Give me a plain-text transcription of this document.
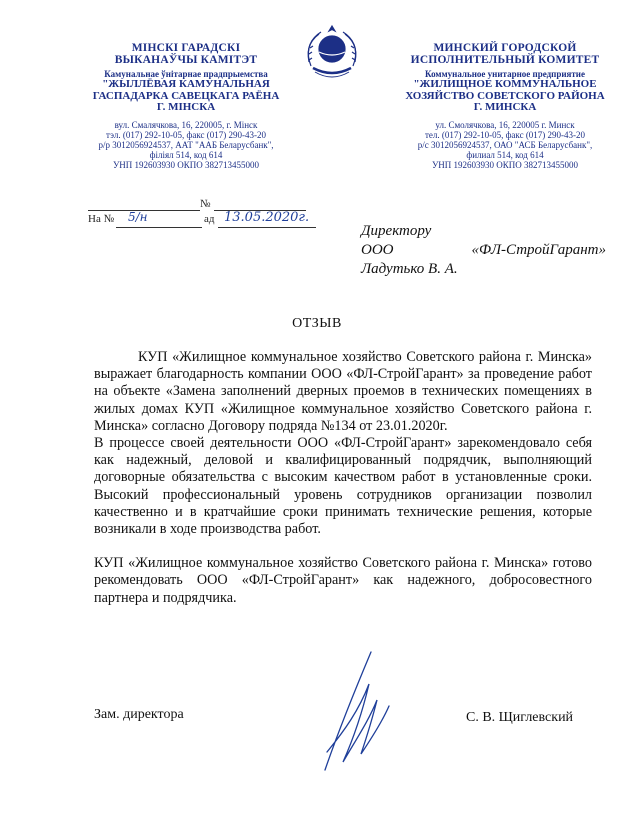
МІНСКІ ГАРАДСКІ
ВЫКАНАЎЧЫ КАМІТЭТ
Камунальнае ўнітарнае прадпрыемства
"ЖЫЛЛЁВАЯ КАМУНАЛЬНАЯ
ГАСПАДАРКА САВЕЦКАГА РАЁНА
Г. МІНСКА
вул. Смалячкова, 16, 220005, г. Мінск
тэл. (017) 292-10-05, факс (017) 290-43-20
р/р 3012056924537, ААТ "ААБ Беларусбанк",
філіял 514, код 614
УНП 192603930 ОКПО 382713455000
МИНСКИЙ ГОРОДСКОЙ
ИСПОЛНИТЕЛЬНЫЙ КОМИТЕТ
Коммунальное унитарное предприятие
"ЖИЛИЩНОЕ КОММУНАЛЬНОЕ
ХОЗЯЙСТВО СОВЕТСКОГО РАЙОНА
Г. МИНСКА
ул. Смолячкова, 16, 220005 г. Минск
тел. (017) 292-10-05, факс (017) 290-43-20
р/с 3012056924537, ОАО "АСБ Беларусбанк",
филиал 514, код 614
УНП 192603930 ОКПО 382713455000
№
На № 5/н	ад 13.05.2020г.
Директору
ООО	«ФЛ-СтройГарант»
Ладутько В. А.
ОТЗЫВ

КУП «Жилищное коммунальное хозяйство Советского района г. Минска» выражает благодарность компании ООО «ФЛ-СтройГарант» за проведение работ на объекте «Замена заполнений дверных проемов в технических помещениях в жилых домах КУП «Жилищное коммунальное хозяйство Советского района г. Минска» согласно Договору подряда №134 от 23.01.2020г.

В процессе своей деятельности ООО «ФЛ-СтройГарант» зарекомендовало себя как надежный, деловой и квалифицированный подрядчик, выполняющий договорные обязательства с высоким качеством работ в установленные сроки. Высокий профессиональный уровень сотрудников организации позволил качественно и в кратчайшие сроки принимать технические решения, которые возникали в ходе производства работ.

КУП «Жилищное коммунальное хозяйство Советского района г. Минска» готово рекомендовать ООО «ФЛ-СтройГарант» как надежного, добросовестного партнера и подрядчика.

Зам. директора	С. В. Щиглевский
